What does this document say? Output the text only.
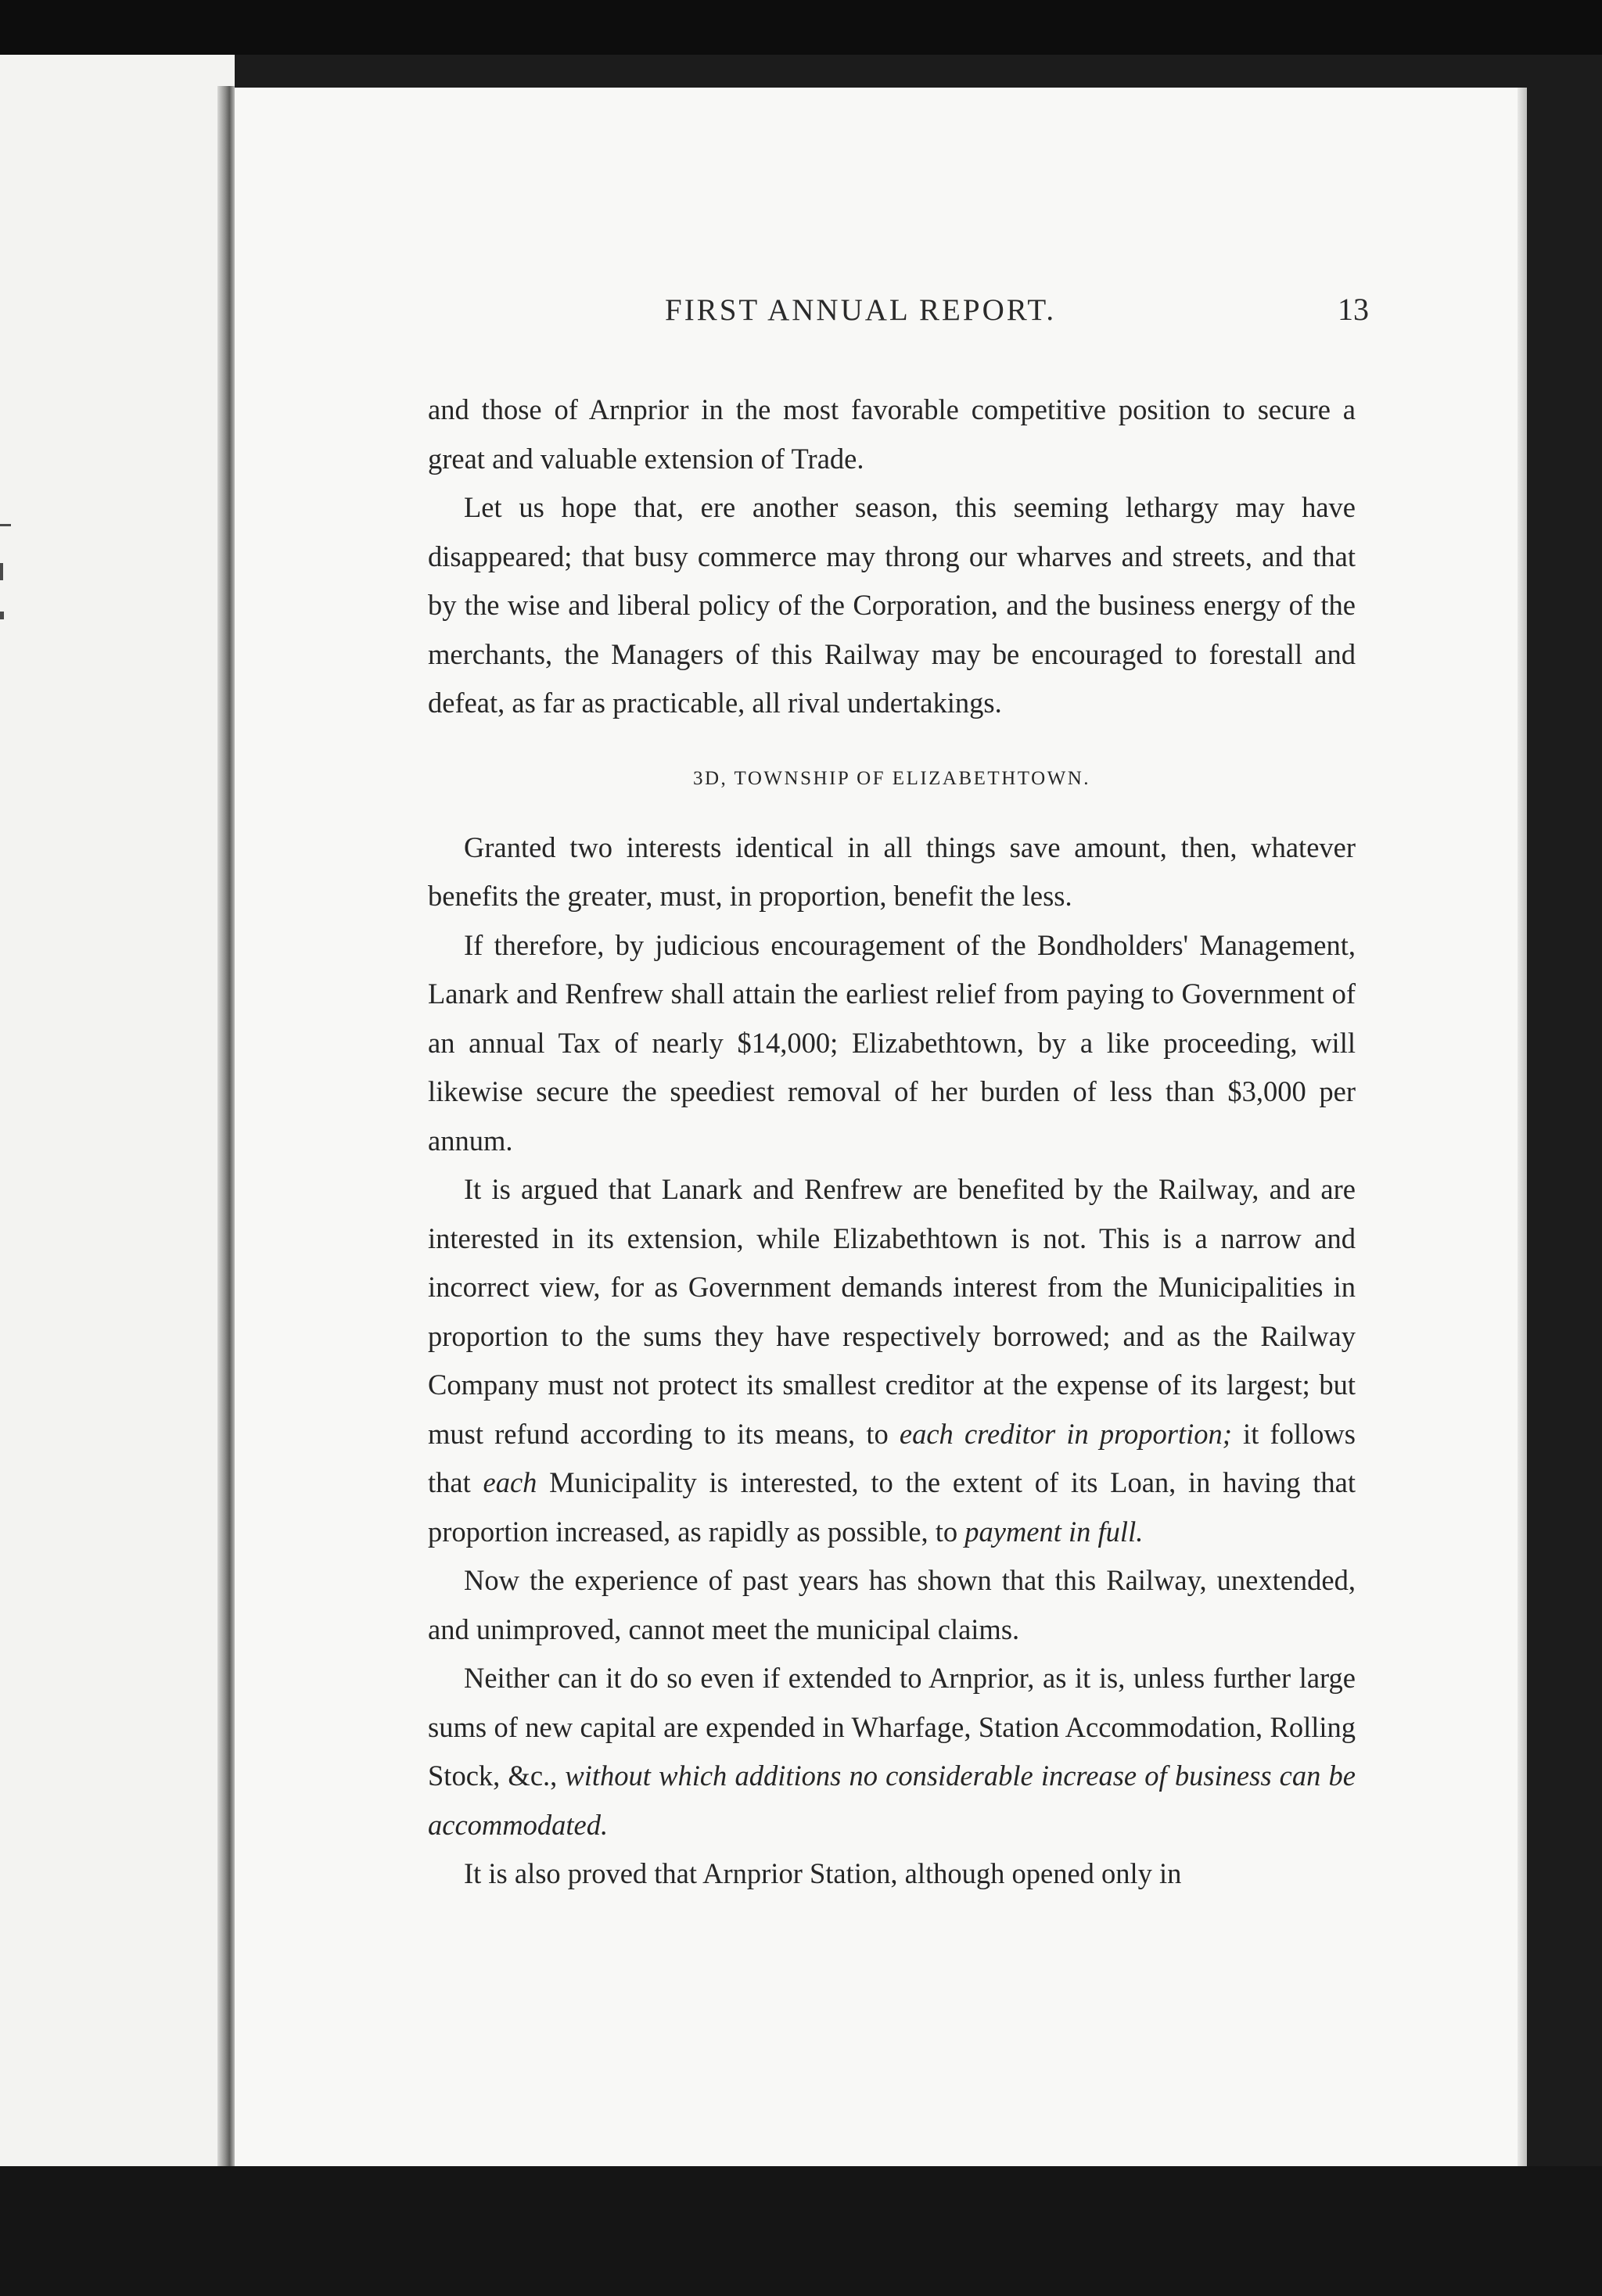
FIRST ANNUAL REPORT.	13

and those of Arnprior in the most favorable competitive position to secure a great and valuable extension of Trade.

Let us hope that, ere another season, this seeming lethargy may have disappeared; that busy commerce may throng our wharves and streets, and that by the wise and liberal policy of the Corporation, and the business energy of the merchants, the Managers of this Railway may be encouraged to forestall and defeat, as far as practicable, all rival undertakings.

3D, TOWNSHIP OF ELIZABETHTOWN.

Granted two interests identical in all things save amount, then, whatever benefits the greater, must, in proportion, benefit the less.

If therefore, by judicious encouragement of the Bondholders' Management, Lanark and Renfrew shall attain the earliest relief from paying to Government of an annual Tax of nearly $14,000; Elizabethtown, by a like proceeding, will likewise secure the speediest removal of her burden of less than $3,000 per annum.

It is argued that Lanark and Renfrew are benefited by the Railway, and are interested in its extension, while Elizabethtown is not. This is a narrow and incorrect view, for as Government demands interest from the Municipalities in proportion to the sums they have respectively borrowed; and as the Railway Company must not protect its smallest creditor at the expense of its largest; but must refund according to its means, to each creditor in proportion; it follows that each Municipality is interested, to the extent of its Loan, in having that proportion increased, as rapidly as possible, to payment in full.

Now the experience of past years has shown that this Railway, unextended, and unimproved, cannot meet the municipal claims.

Neither can it do so even if extended to Arnprior, as it is, unless further large sums of new capital are expended in Wharfage, Station Accommodation, Rolling Stock, &c., without which additions no considerable increase of business can be accommodated.

It is also proved that Arnprior Station, although opened only in
